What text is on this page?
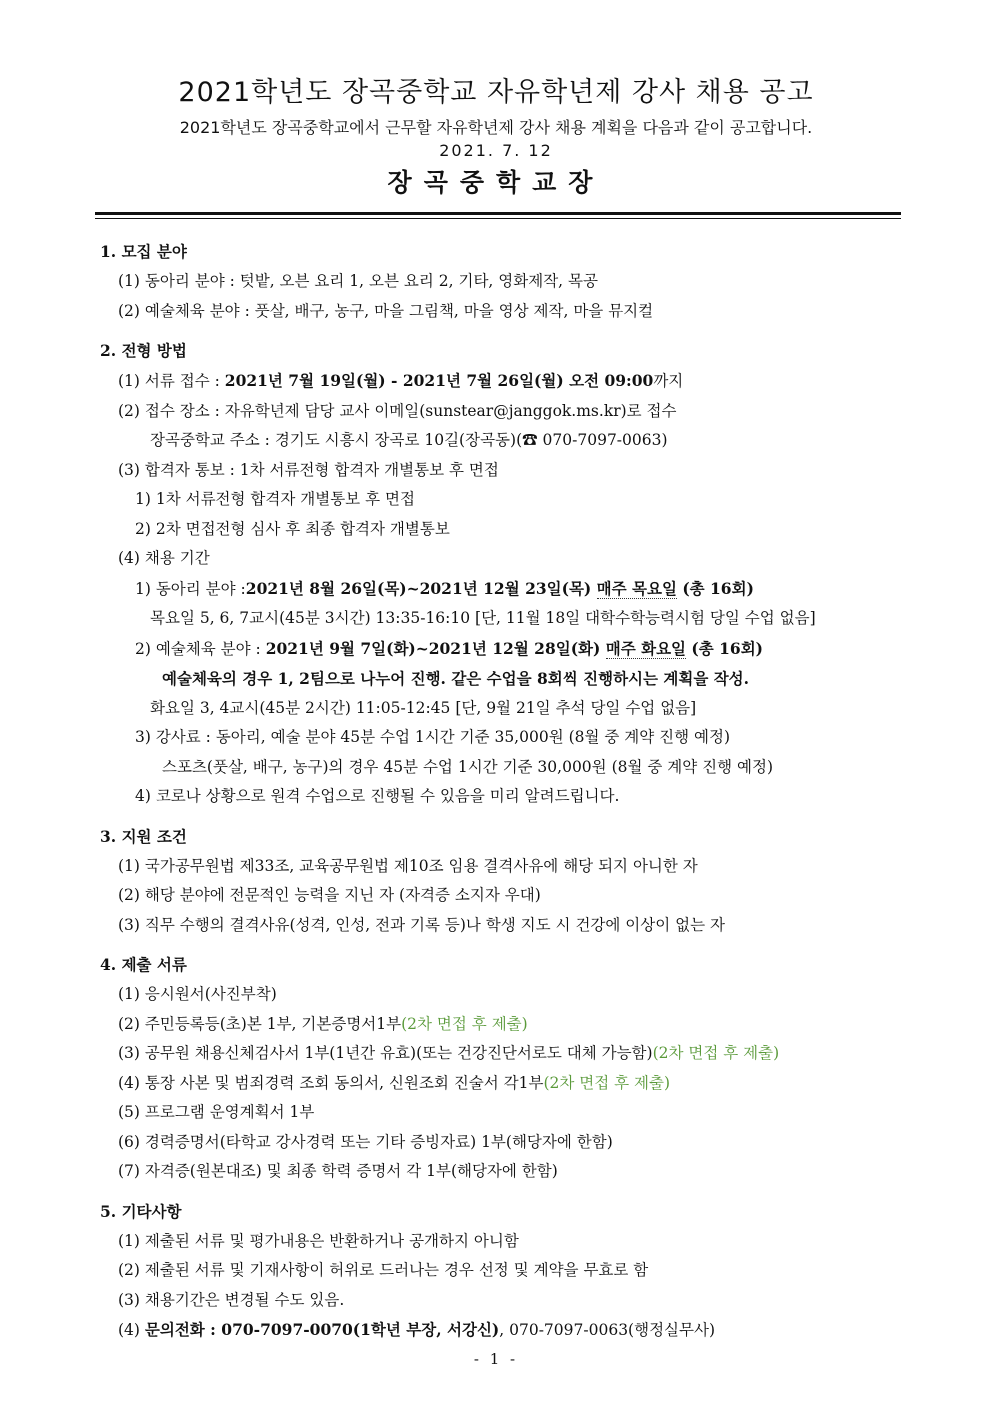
2021학년도 장곡중학교 자유학년제 강사 채용 공고
2021학년도 장곡중학교에서 근무할 자유학년제 강사 채용 계획을 다음과 같이 공고합니다.
2021. 7. 12
장곡중학교장
1. 모집 분야
(1) 동아리 분야 : 텃밭, 오븐 요리 1, 오븐 요리 2, 기타, 영화제작, 목공
(2) 예술체육 분야 : 풋살, 배구, 농구, 마을 그림책, 마을 영상 제작, 마을 뮤지컬
2. 전형 방법
(1) 서류 접수 : 2021년 7월 19일(월) - 2021년 7월 26일(월) 오전 09:00까지
(2) 접수 장소 : 자유학년제 담당 교사 이메일(sunstear@janggok.ms.kr)로 접수
장곡중학교 주소 : 경기도 시흥시 장곡로 10길(장곡동)(☎ 070-7097-0063)
(3) 합격자 통보 : 1차 서류전형 합격자 개별통보 후 면접
1) 1차 서류전형 합격자 개별통보 후 면접
2) 2차 면접전형 심사 후 최종 합격자 개별통보
(4) 채용 기간
1) 동아리 분야 :2021년 8월 26일(목)~2021년 12월 23일(목) 매주 목요일 (총 16회)
목요일 5, 6, 7교시(45분 3시간) 13:35-16:10 [단, 11월 18일 대학수학능력시험 당일 수업 없음]
2) 예술체육 분야 : 2021년 9월 7일(화)~2021년 12월 28일(화) 매주 화요일 (총 16회)
예술체육의 경우 1, 2팀으로 나누어 진행. 같은 수업을 8회씩 진행하시는 계획을 작성.
화요일 3, 4교시(45분 2시간) 11:05-12:45 [단, 9월 21일 추석 당일 수업 없음]
3) 강사료 : 동아리, 예술 분야 45분 수업 1시간 기준 35,000원 (8월 중 계약 진행 예정)
스포츠(풋살, 배구, 농구)의 경우 45분 수업 1시간 기준 30,000원 (8월 중 계약 진행 예정)
4) 코로나 상황으로 원격 수업으로 진행될 수 있음을 미리 알려드립니다.
3. 지원 조건
(1) 국가공무원법 제33조, 교육공무원법 제10조 임용 결격사유에 해당 되지 아니한 자
(2) 해당 분야에 전문적인 능력을 지닌 자 (자격증 소지자 우대)
(3) 직무 수행의 결격사유(성격, 인성, 전과 기록 등)나 학생 지도 시 건강에 이상이 없는 자
4. 제출 서류
(1) 응시원서(사진부착)
(2) 주민등록등(초)본 1부, 기본증명서1부(2차 면접 후 제출)
(3) 공무원 채용신체검사서 1부(1년간 유효)(또는 건강진단서로도 대체 가능함)(2차 면접 후 제출)
(4) 통장 사본 및 범죄경력 조회 동의서, 신원조회 진술서 각1부(2차 면접 후 제출)
(5) 프로그램 운영계획서 1부
(6) 경력증명서(타학교 강사경력 또는 기타 증빙자료) 1부(해당자에 한함)
(7) 자격증(원본대조) 및 최종 학력 증명서 각 1부(해당자에 한함)
5. 기타사항
(1) 제출된 서류 및 평가내용은 반환하거나 공개하지 아니함
(2) 제출된 서류 및 기재사항이 허위로 드러나는 경우 선정 및 계약을 무효로 함
(3) 채용기간은 변경될 수도 있음.
(4) 문의전화 : 070-7097-0070(1학년 부장, 서강신), 070-7097-0063(행정실무사)
- 1 -
